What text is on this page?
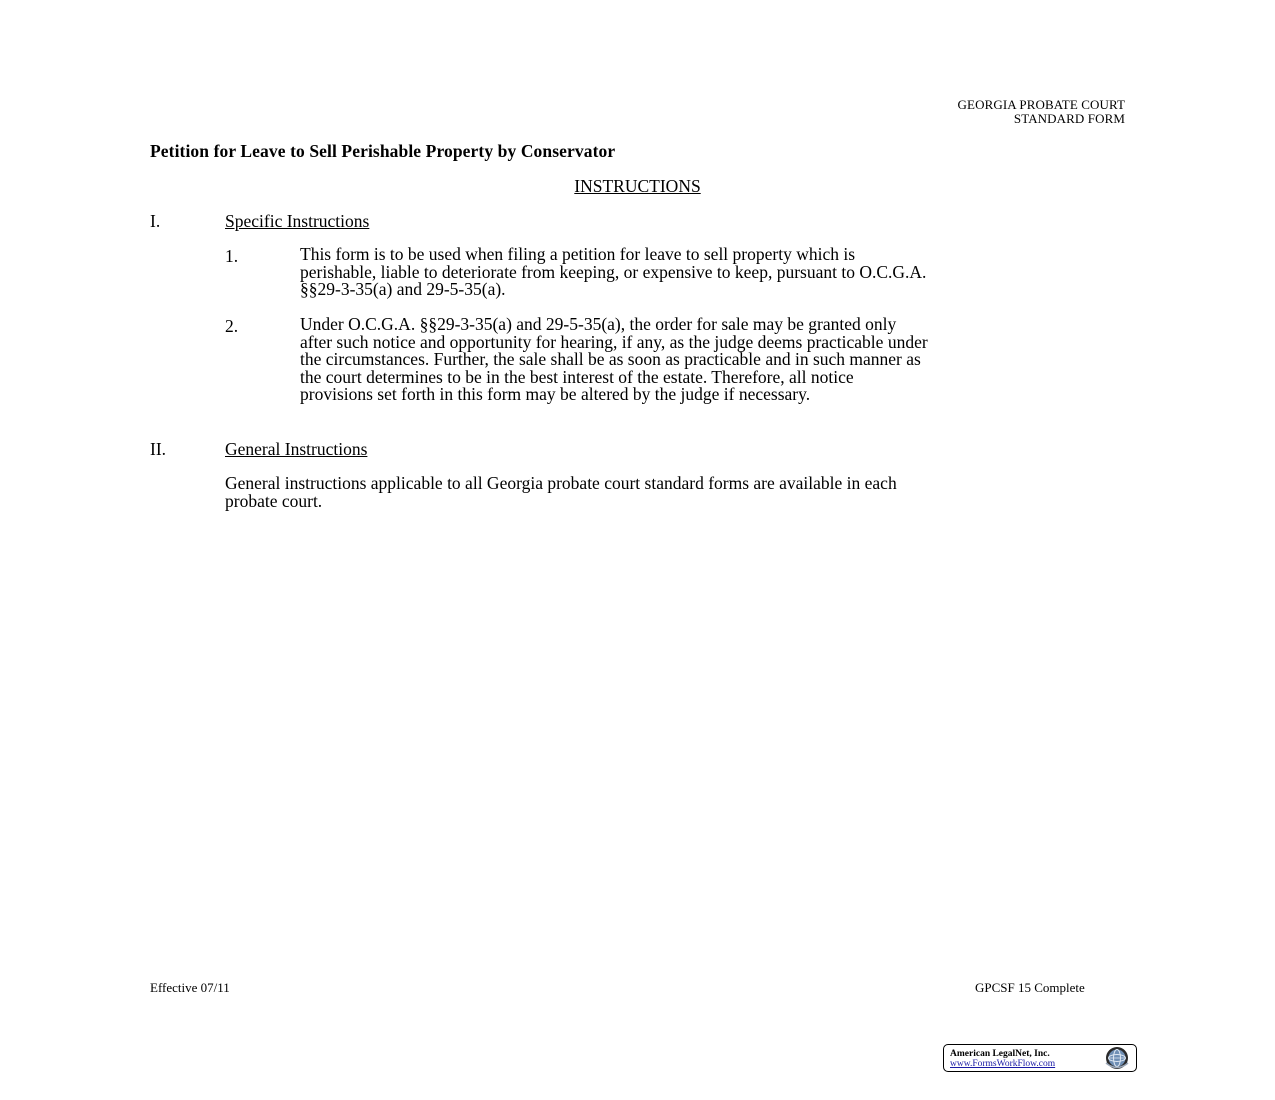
GEORGIA PROBATE COURT
STANDARD FORM
Petition for Leave to Sell Perishable Property by Conservator
INSTRUCTIONS
I.	Specific Instructions
1.	This form is to be used when filing a petition for leave to sell property which is
perishable, liable to deteriorate from keeping, or expensive to keep, pursuant to O.C.G.A.
§§29-3-35(a) and 29-5-35(a).
2.	Under O.C.G.A. §§29-3-35(a) and 29-5-35(a), the order for sale may be granted only
after such notice and opportunity for hearing, if any, as the judge deems practicable under
the circumstances. Further, the sale shall be as soon as practicable and in such manner as
the court determines to be in the best interest of the estate. Therefore, all notice
provisions set forth in this form may be altered by the judge if necessary.
II.	General Instructions
General instructions applicable to all Georgia probate court standard forms are available in each
probate court.
Effective 07/11	GPCSF 15 Complete
American LegalNet, Inc.
www.FormsWorkFlow.com
